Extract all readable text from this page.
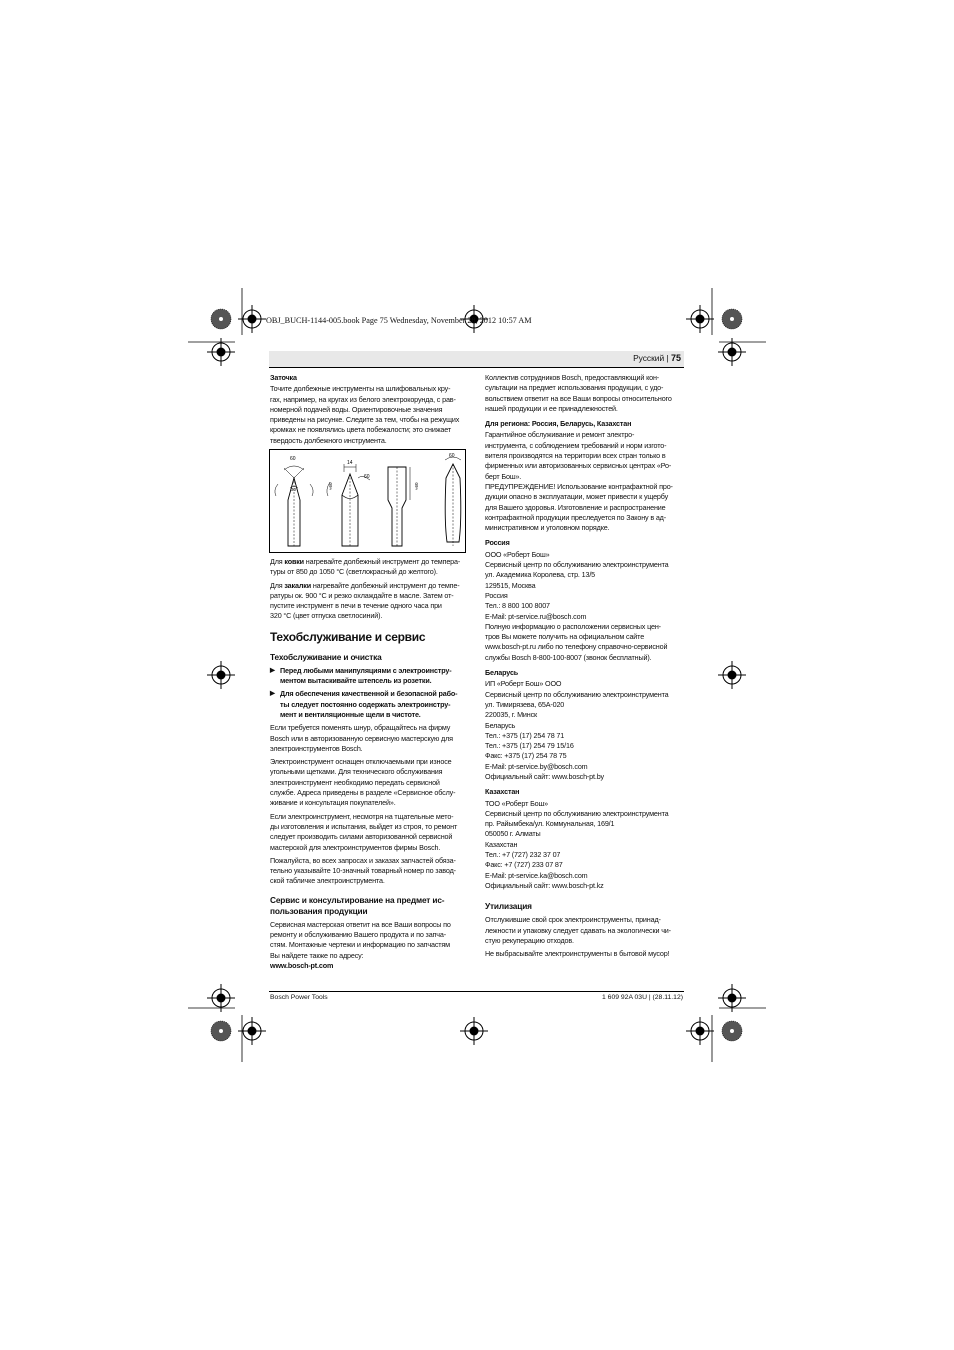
OBJ_BUCH-1144-005.book Page 75 Wednesday, November 28, 2012 10:57 AM
Русский | 75

Заточка

Точите долбежные инструменты на шлифовальных кру-
гах, например, на кругах из белого электрокорунда, с рав-
номерной подачей воды. Ориентировочные значения
приведены на рисунке. Следите за тем, чтобы на режущих
кромках не появлялись цвета побежалости; это снижает
твердость долбежного инструмента.

60
30
14
60
≈60	≈60
60

Для ковки нагревайте долбежный инструмент до темпера-
туры от 850 до 1050 °C (светлокрасный до желтого).

Для закалки нагревайте долбежный инструмент до темпе-
ратуры ок. 900 °C и резко охлаждайте в масле. Затем от-
пустите инструмент в печи в течение одного часа при
320 °C (цвет отпуска светлосиний).

Техобслуживание и сервис
Техобслуживание и очистка
▶ Перед любыми манипуляциями с электроинстру-
ментом вытаскивайте штепсель из розетки.
▶ Для обеспечения качественной и безопасной рабо-
ты следует постоянно содержать электроинстру-
мент и вентиляционные щели в чистоте.

Если требуется поменять шнур, обращайтесь на фирму
Bosch или в авторизованную сервисную мастерскую для
электроинструментов Bosch.

Электроинструмент оснащен отключаемыми при износе
угольными щетками. Для технического обслуживания
электроинструмент необходимо передать сервисной
службе. Адреса приведены в разделе «Сервисное обслу-
живание и консультация покупателей».

Если электроинструмент, несмотря на тщательные мето-
ды изготовления и испытания, выйдет из строя, то ремонт
следует производить силами авторизованной сервисной
мастерской для электроинструментов фирмы Bosch.

Пожалуйста, во всех запросах и заказах запчастей обяза-
тельно указывайте 10-значный товарный номер по завод-
ской табличке электроинструмента.

Сервис и консультирование на предмет ис-
пользования продукции

Сервисная мастерская ответит на все Ваши вопросы по
ремонту и обслуживанию Вашего продукта и по запча-
стям. Монтажные чертежи и информацию по запчастям
Вы найдете также по адресу:
www.bosch-pt.com

Коллектив сотрудников Bosch, предоставляющий кон-
сультации на предмет использования продукции, с удо-
вольствием ответит на все Ваши вопросы относительного
нашей продукции и ее принадлежностей.

Для региона: Россия, Беларусь, Казахстан

Гарантийное обслуживание и ремонт электро-
инструмента, с соблюдением требований и норм изгото-
вителя производятся на территории всех стран только в
фирменных или авторизованных сервисных центрах «Ро-
берт Бош».
ПРЕДУПРЕЖДЕНИЕ! Использование контрафактной про-
дукции опасно в эксплуатации, может привести к ущербу
для Вашего здоровья. Изготовление и распространение
контрафактной продукции преследуется по Закону в ад-
министративном и уголовном порядке.

Россия

ООО «Роберт Бош»
Сервисный центр по обслуживанию электроинструмента
ул. Академика Королева, стр. 13/5
129515, Москва
Россия
Тел.: 8 800 100 8007
E-Mail: pt-service.ru@bosch.com
Полную информацию о расположении сервисных цен-
тров Вы можете получить на официальном сайте
www.bosch-pt.ru либо по телефону справочно-сервисной
службы Bosch 8-800-100-8007 (звонок бесплатный).

Беларусь

ИП «Роберт Бош» ООО
Сервисный центр по обслуживанию электроинструмента
ул. Тимирязева, 65А-020
220035, г. Минск
Беларусь
Тел.: +375 (17) 254 78 71
Тел.: +375 (17) 254 79 15/16
Факс: +375 (17) 254 78 75
E-Mail: pt-service.by@bosch.com
Официальный сайт: www.bosch-pt.by

Казахстан

ТОО «Роберт Бош»
Сервисный центр по обслуживанию электроинструмента
пр. Райымбека/ул. Коммунальная, 169/1
050050 г. Алматы
Казахстан
Тел.: +7 (727) 232 37 07
Факс: +7 (727) 233 07 87
E-Mail: pt-service.ka@bosch.com
Официальный сайт: www.bosch-pt.kz

Утилизация

Отслужившие свой срок электроинструменты, принад-
лежности и упаковку следует сдавать на экологически чи-
стую рекуперацию отходов.

Не выбрасывайте электроинструменты в бытовой мусор!

Bosch Power Tools	1 609 92A 03U | (28.11.12)
